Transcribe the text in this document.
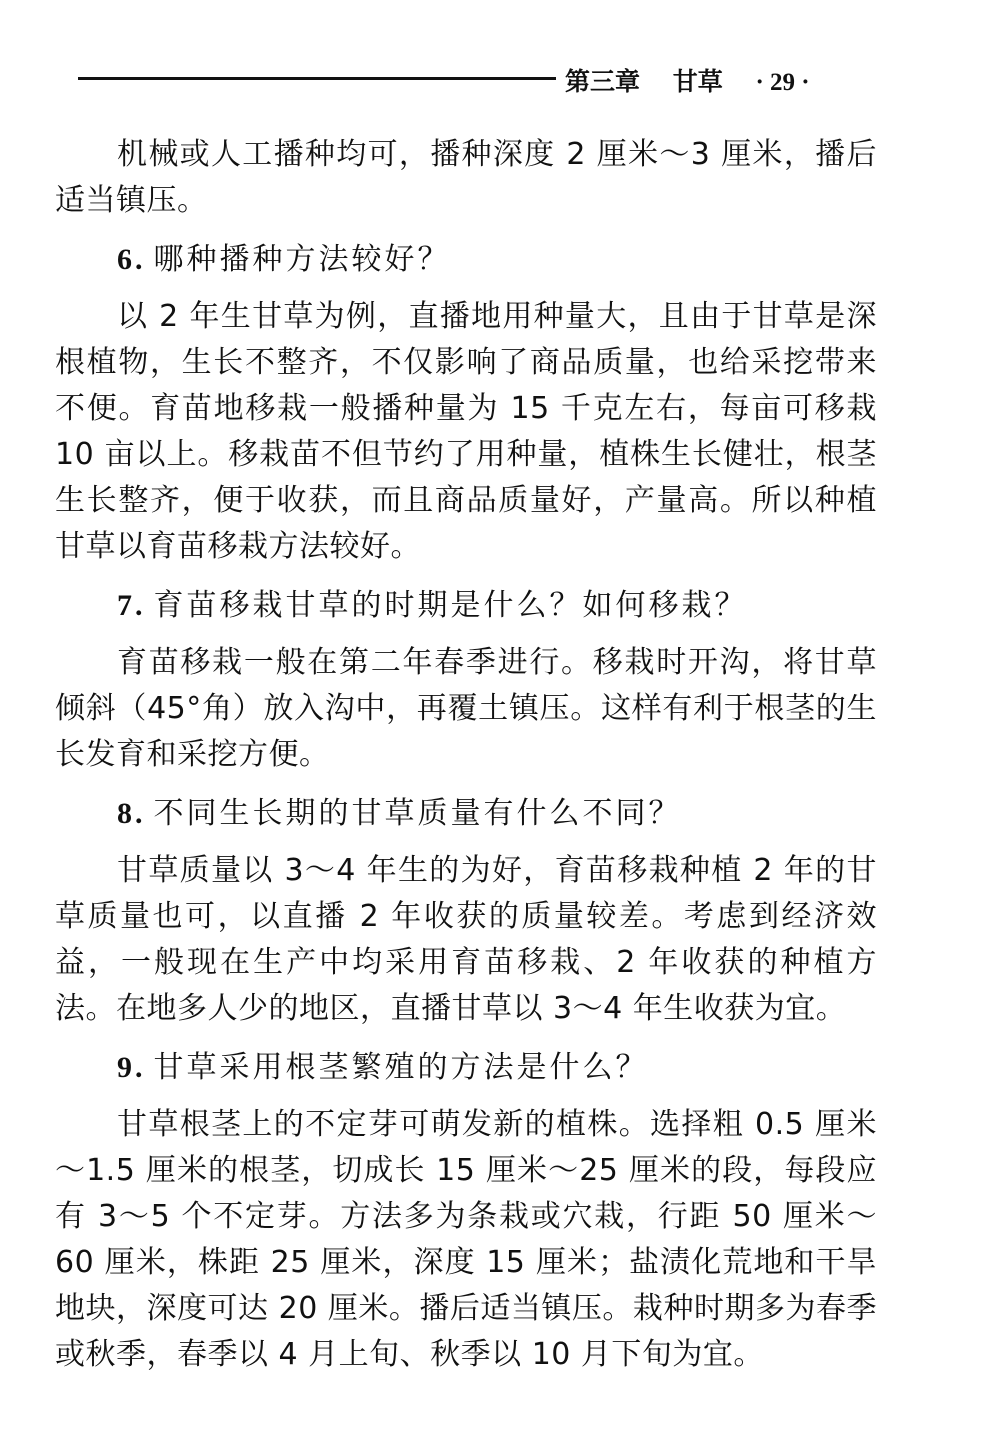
第三章 甘草 · 29 ·

机械或人工播种均可，播种深度 2 厘米～3 厘米，播后适当镇压。

6. 哪种播种方法较好？

以 2 年生甘草为例，直播地用种量大，且由于甘草是深根植物，生长不整齐，不仅影响了商品质量，也给采挖带来不便。育苗地移栽一般播种量为 15 千克左右，每亩可移栽 10 亩以上。移栽苗不但节约了用种量，植株生长健壮，根茎生长整齐，便于收获，而且商品质量好，产量高。所以种植甘草以育苗移栽方法较好。

7. 育苗移栽甘草的时期是什么？如何移栽？

育苗移栽一般在第二年春季进行。移栽时开沟，将甘草倾斜（45°角）放入沟中，再覆土镇压。这样有利于根茎的生长发育和采挖方便。

8. 不同生长期的甘草质量有什么不同？

甘草质量以 3～4 年生的为好，育苗移栽种植 2 年的甘草质量也可，以直播 2 年收获的质量较差。考虑到经济效益，一般现在生产中均采用育苗移栽、2 年收获的种植方法。在地多人少的地区，直播甘草以 3～4 年生收获为宜。

9. 甘草采用根茎繁殖的方法是什么？

甘草根茎上的不定芽可萌发新的植株。选择粗 0.5 厘米～1.5 厘米的根茎，切成长 15 厘米～25 厘米的段，每段应有 3～5 个不定芽。方法多为条栽或穴栽，行距 50 厘米～60 厘米，株距 25 厘米，深度 15 厘米；盐渍化荒地和干旱地块，深度可达 20 厘米。播后适当镇压。栽种时期多为春季或秋季，春季以 4 月上旬、秋季以 10 月下旬为宜。
